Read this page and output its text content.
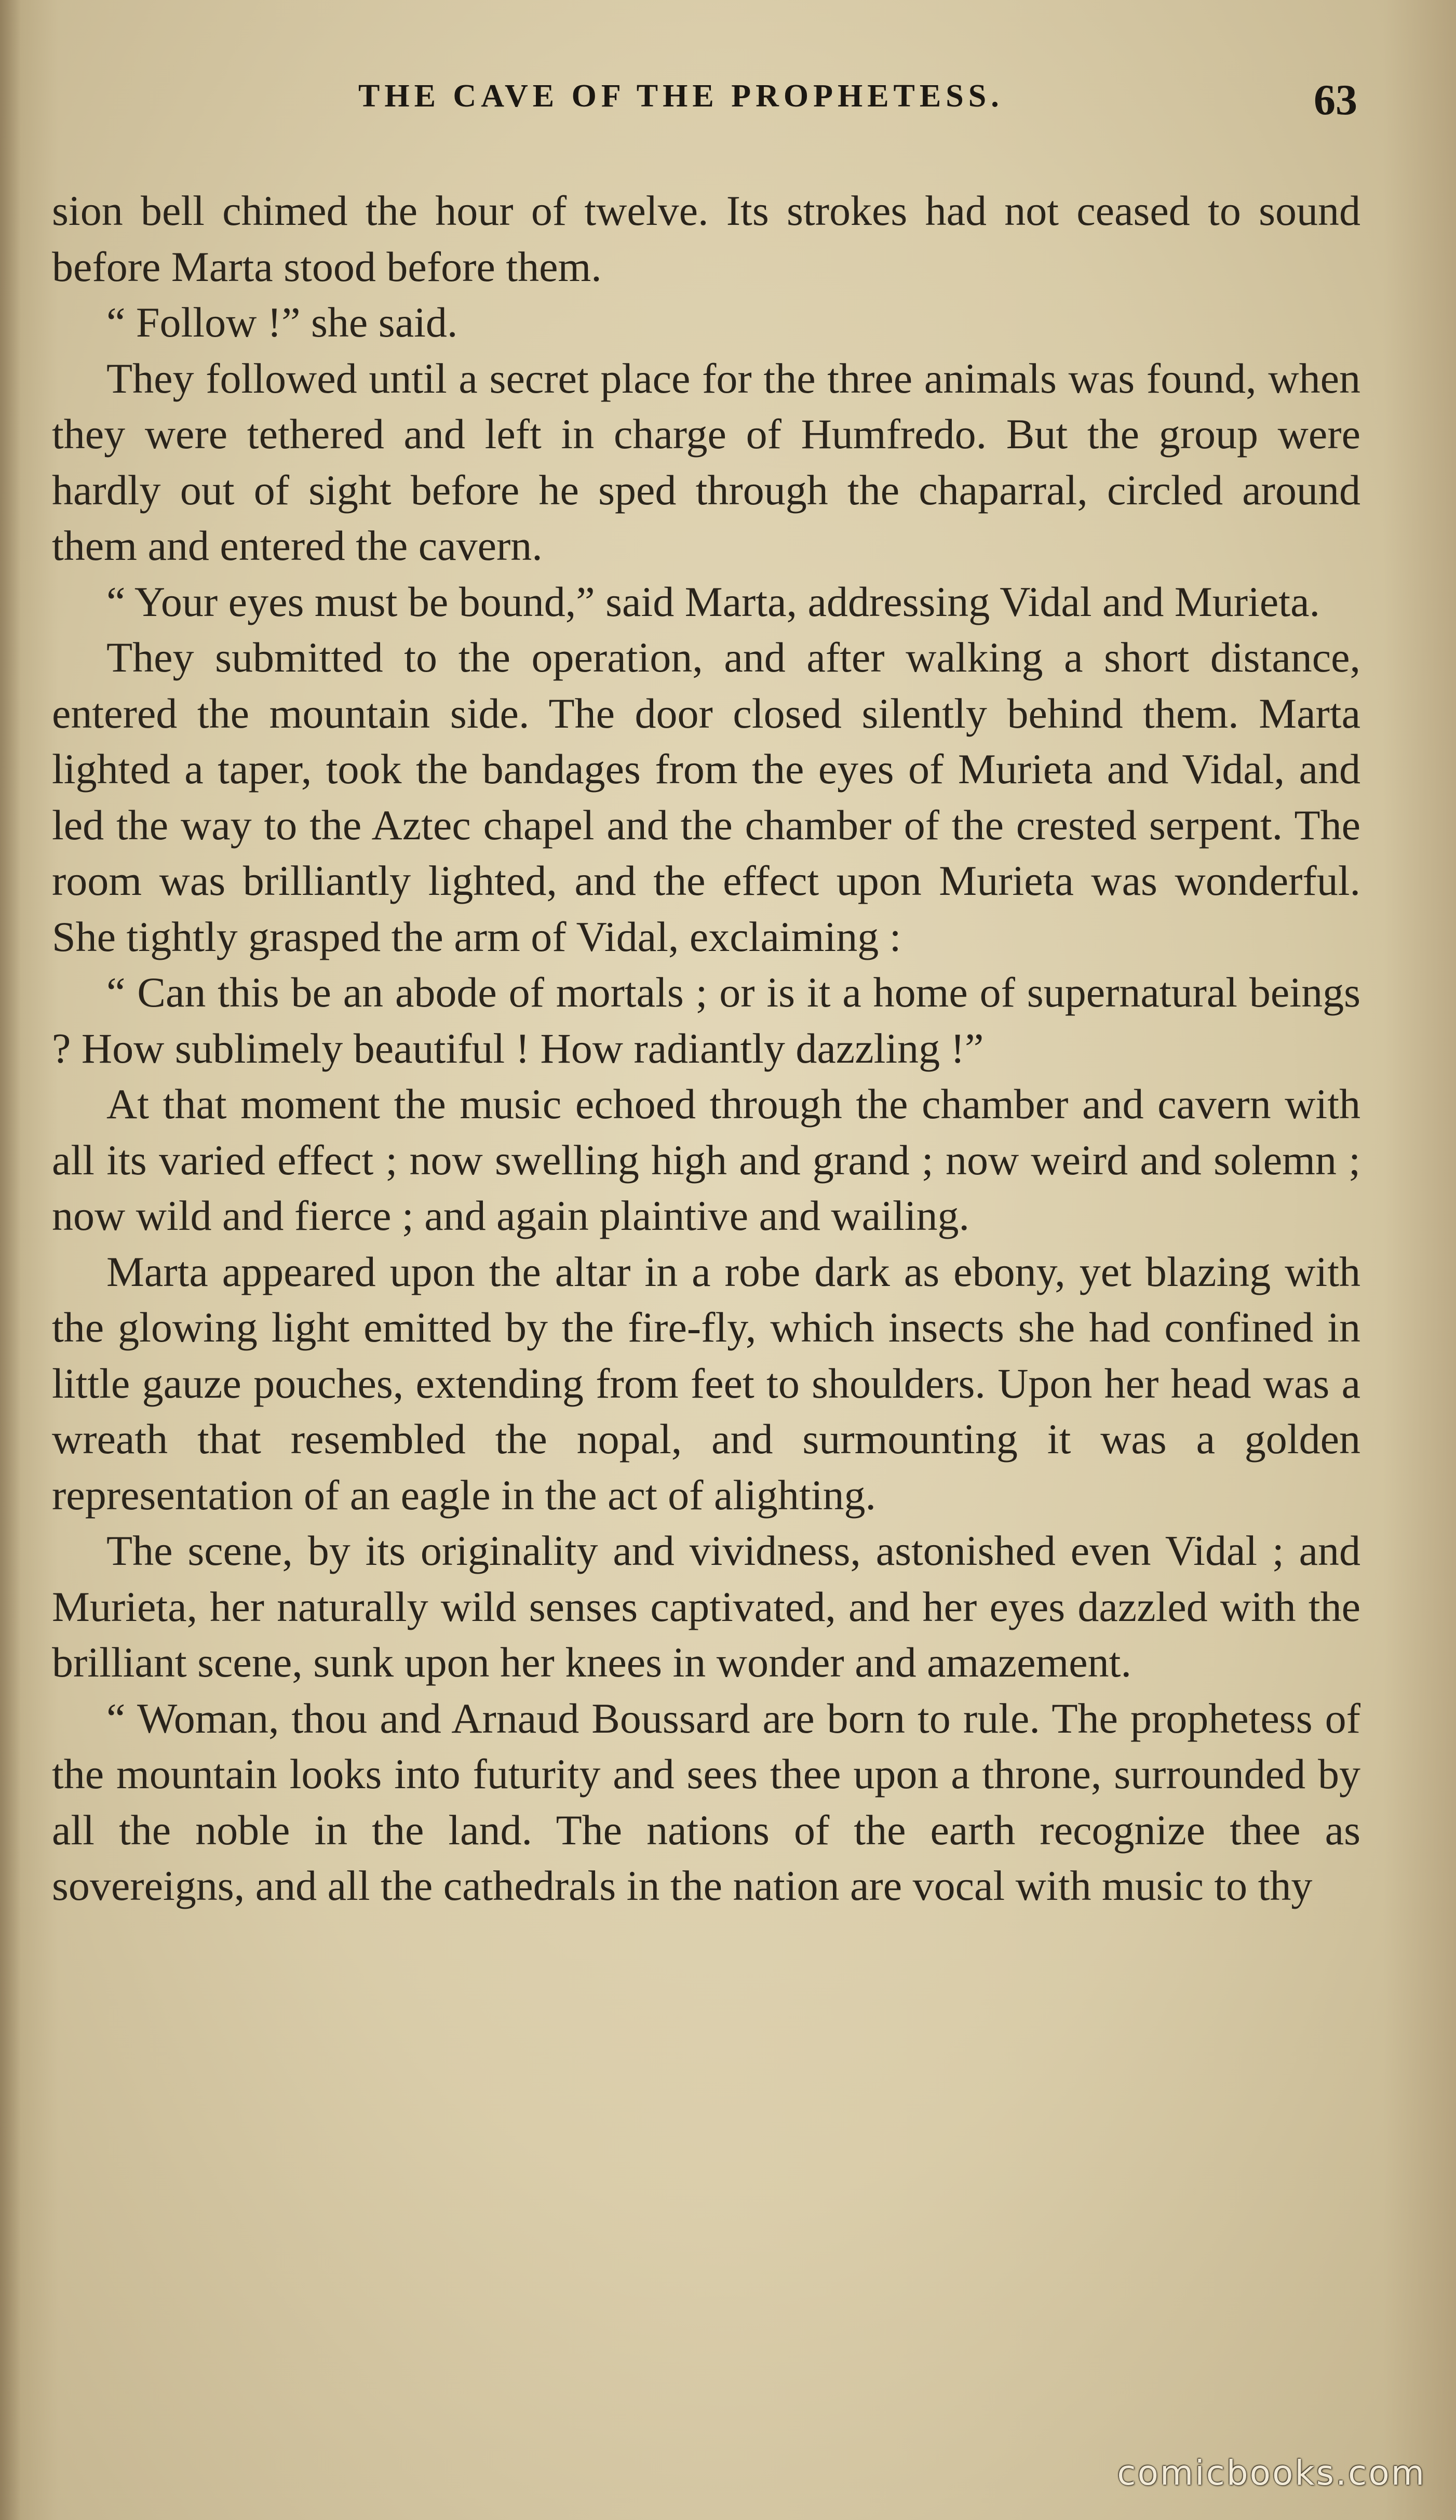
THE CAVE OF THE PROPHETESS.	63

sion bell chimed the hour of twelve. Its strokes had not ceased to sound before Marta stood before them.

“ Follow !” she said.

They followed until a secret place for the three animals was found, when they were tethered and left in charge of Humfredo. But the group were hardly out of sight before he sped through the chaparral, circled around them and entered the cavern.

“ Your eyes must be bound,” said Marta, addressing Vidal and Murieta.

They submitted to the operation, and after walking a short distance, entered the mountain side. The door closed silently behind them. Marta lighted a taper, took the bandages from the eyes of Murieta and Vidal, and led the way to the Aztec chapel and the chamber of the crested serpent. The room was brilliantly lighted, and the effect upon Murieta was wonderful. She tightly grasped the arm of Vidal, exclaiming :

“ Can this be an abode of mortals ; or is it a home of supernatural beings ? How sublimely beautiful ! How radiantly dazzling !”

At that moment the music echoed through the chamber and cavern with all its varied effect ; now swelling high and grand ; now weird and solemn ; now wild and fierce ; and again plaintive and wailing.

Marta appeared upon the altar in a robe dark as ebony, yet blazing with the glowing light emitted by the fire-fly, which insects she had confined in little gauze pouches, extending from feet to shoulders. Upon her head was a wreath that resembled the nopal, and surmounting it was a golden representation of an eagle in the act of alighting.

The scene, by its originality and vividness, astonished even Vidal ; and Murieta, her naturally wild senses captivated, and her eyes dazzled with the brilliant scene, sunk upon her knees in wonder and amazement.

“ Woman, thou and Arnaud Boussard are born to rule. The prophetess of the mountain looks into futurity and sees thee upon a throne, surrounded by all the noble in the land. The nations of the earth recognize thee as sovereigns, and all the cathedrals in the nation are vocal with music to thy

comicbooks.com
